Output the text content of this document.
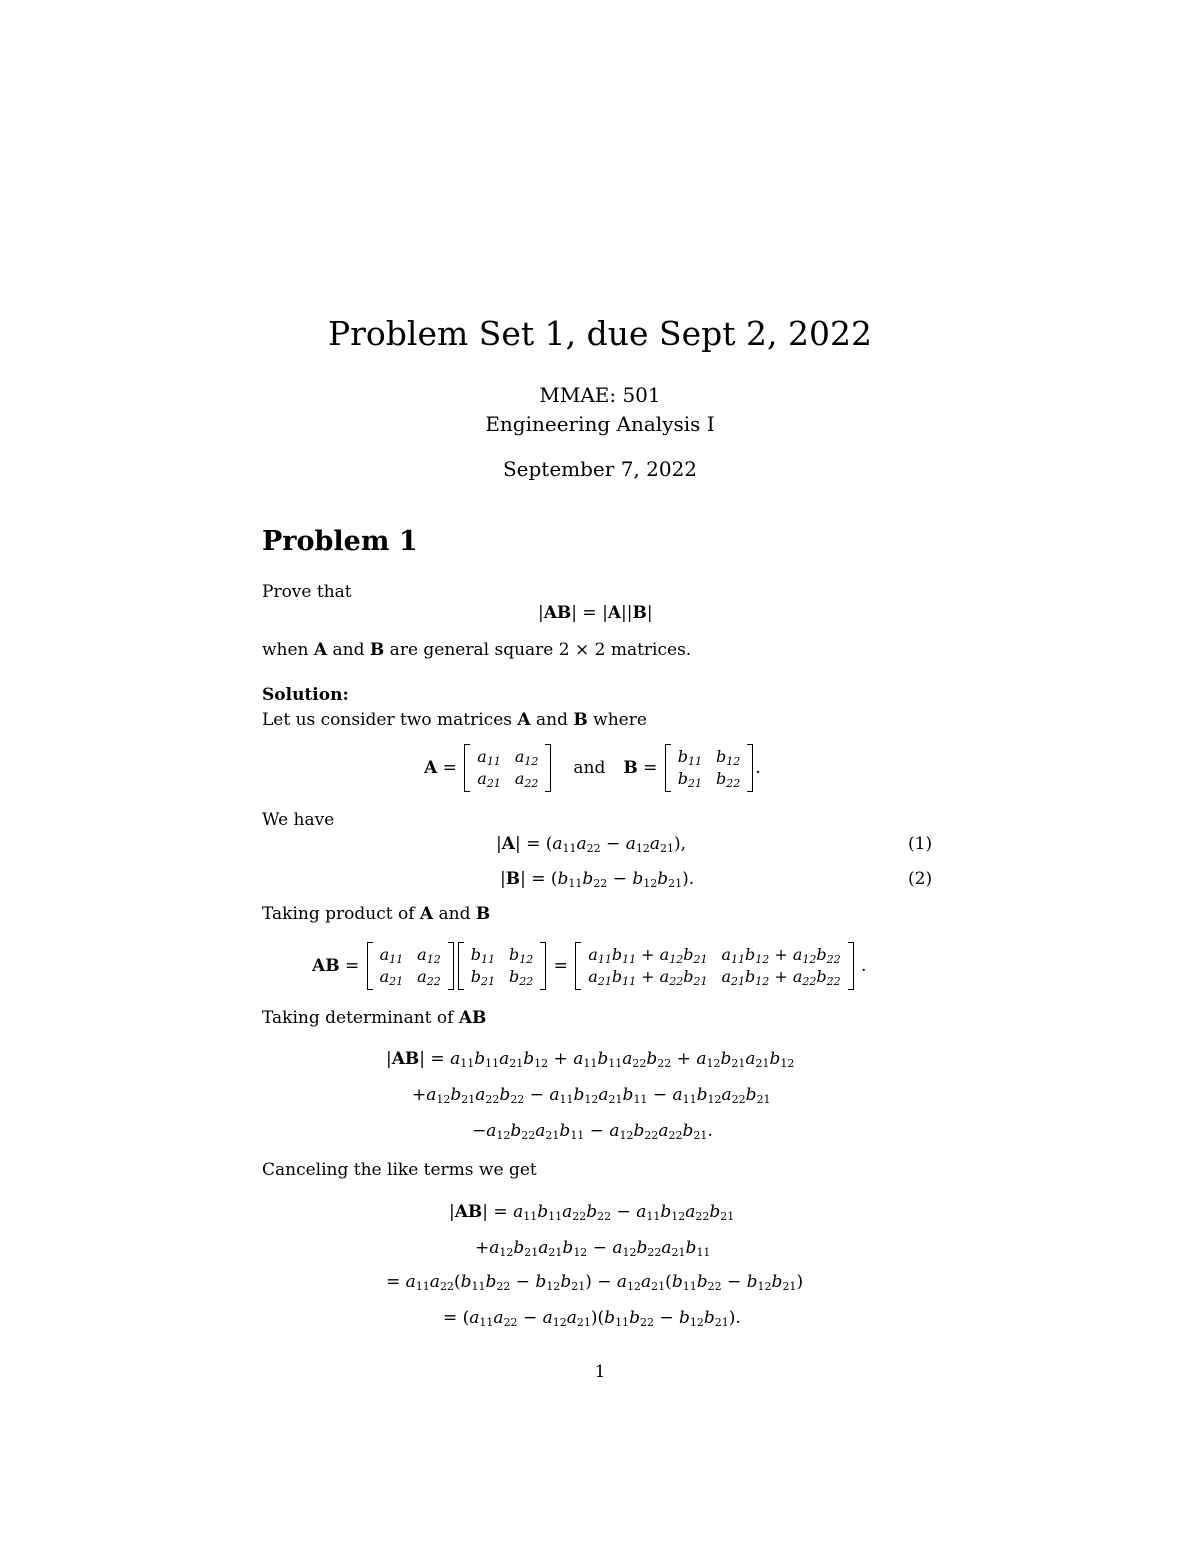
Problem Set 1, due Sept 2, 2022
MMAE: 501
Engineering Analysis I
September 7, 2022
Problem 1
Prove that
|AB| = |A||B|
when A and B are general square 2 × 2 matrices.
Solution:
Let us consider two matrices A and B where
A =
$a_{11}$	$a_{12}$
$a_{21}$	$a_{22}$
and B =
$b_{11}$	$b_{12}$
$b_{21}$	$b_{22}$
.
We have
$|A| = (a_{11}a_{22} - a_{12}a_{21})$,	(1)
$|B| = (b_{11}b_{22} - b_{12}b_{21})$.	(2)
Taking product of A and B
AB =
$a_{11}$	$a_{12}$
$a_{21}$	$a_{22}$
$b_{11}$	$b_{12}$
$b_{21}$	$b_{22}$
=
$a_{11}b_{11} + a_{12}b_{21}$	$a_{11}b_{12} + a_{12}b_{22}$
$a_{21}b_{11} + a_{22}b_{21}$	$a_{21}b_{12} + a_{22}b_{22}$
.
Taking determinant of AB
$|AB| = a_{11}b_{11}a_{21}b_{12} + a_{11}b_{11}a_{22}b_{22} + a_{12}b_{21}a_{21}b_{12}$
$+a_{12}b_{21}a_{22}b_{22} - a_{11}b_{12}a_{21}b_{11} - a_{11}b_{12}a_{22}b_{21}$
$-a_{12}b_{22}a_{21}b_{11} - a_{12}b_{22}a_{22}b_{21}$.
Canceling the like terms we get
$|AB| = a_{11}b_{11}a_{22}b_{22} - a_{11}b_{12}a_{22}b_{21}$
$+a_{12}b_{21}a_{21}b_{12} - a_{12}b_{22}a_{21}b_{11}$
= $a_{11}a_{22}(b_{11}b_{22} - b_{12}b_{21}) - a_{12}a_{21}(b_{11}b_{22} - b_{12}b_{21})$
= $(a_{11}a_{22} - a_{12}a_{21})(b_{11}b_{22} - b_{12}b_{21})$.
1
